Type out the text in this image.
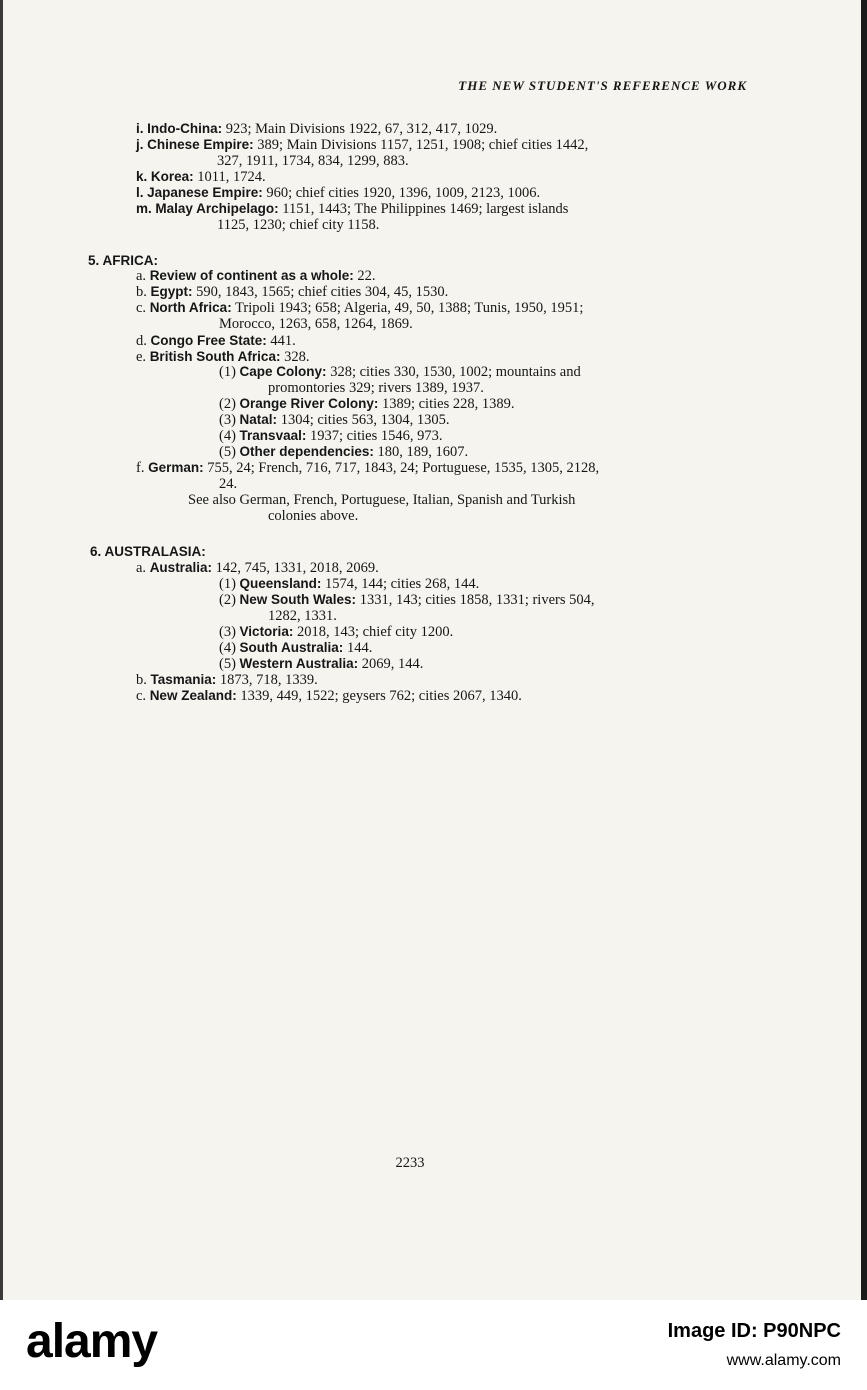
THE NEW STUDENT'S REFERENCE WORK
i. Indo-China: 923; Main Divisions 1922, 67, 312, 417, 1029.
j. Chinese Empire: 389; Main Divisions 1157, 1251, 1908; chief cities 1442,
327, 1911, 1734, 834, 1299, 883.
k. Korea: 1011, 1724.
l. Japanese Empire: 960; chief cities 1920, 1396, 1009, 2123, 1006.
m. Malay Archipelago: 1151, 1443; The Philippines 1469; largest islands
1125, 1230; chief city 1158.
5. AFRICA:
a. Review of continent as a whole: 22.
b. Egypt: 590, 1843, 1565; chief cities 304, 45, 1530.
c. North Africa: Tripoli 1943; 658; Algeria, 49, 50, 1388; Tunis, 1950, 1951;
Morocco, 1263, 658, 1264, 1869.
d. Congo Free State: 441.
e. British South Africa: 328.
(1) Cape Colony: 328; cities 330, 1530, 1002; mountains and
promontories 329; rivers 1389, 1937.
(2) Orange River Colony: 1389; cities 228, 1389.
(3) Natal: 1304; cities 563, 1304, 1305.
(4) Transvaal: 1937; cities 1546, 973.
(5) Other dependencies: 180, 189, 1607.
f. German: 755, 24; French, 716, 717, 1843, 24; Portuguese, 1535, 1305, 2128,
24.
See also German, French, Portuguese, Italian, Spanish and Turkish
colonies above.
6. AUSTRALASIA:
a. Australia: 142, 745, 1331, 2018, 2069.
(1) Queensland: 1574, 144; cities 268, 144.
(2) New South Wales: 1331, 143; cities 1858, 1331; rivers 504,
1282, 1331.
(3) Victoria: 2018, 143; chief city 1200.
(4) South Australia: 144.
(5) Western Australia: 2069, 144.
b. Tasmania: 1873, 718, 1339.
c. New Zealand: 1339, 449, 1522; geysers 762; cities 2067, 1340.
2233
alamy	Image ID: P90NPC
www.alamy.com
